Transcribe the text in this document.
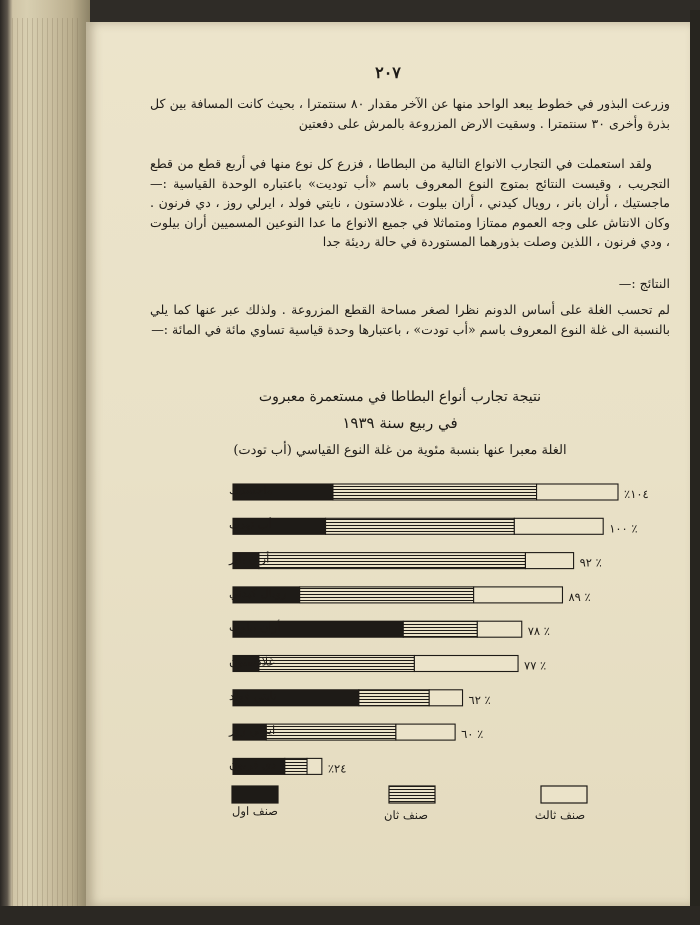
٢٠٧

وزرعت البذور في خطوط يبعد الواحد منها عن الآخر مقدار ٨٠ سنتمترا ، بحيث كانت المسافة بين كل بذرة وأخرى ٣٠ سنتمترا . وسقيت الارض المزروعة بالمرش على دفعتين

ولقد استعملت في التجارب الانواع التالية من البطاطا ، فزرع كل نوع منها في أربع قطع من قطع التجريب ، وقيست النتائج بمتوج النوع المعروف باسم «أب توديت» باعتباره الوحدة القياسية :— ماجستيك ، أران بانر ، رويال كيدني ، أران بيلوت ، غلادستون ، نايتي فولد ، ايرلي روز ، دي فرنون . وكان الانتاش على وجه العموم ممتازا ومتماثلا في جميع الانواع ما عدا النوعين المسميين أران بيلوت ، ودي فرنون ، اللذين وصلت بذورهما المستوردة في حالة رديئة جدا

النتائج :—

لم تحسب الغلة على أساس الدونم نظرا لصغر مساحة القطع المزروعة . ولذلك عبر عنها كما يلي بالنسبة الى غلة النوع المعروف باسم «أب تودت» ، باعتبارها وحدة قياسية تساوي مائة في المائة :—

نتيجة تجارب أنواع البطاطا في مستعمرة معبروت
في ربيع سنة ١٩٣٩
الغلة معبرا عنها بنسبة مئوية من غلة النوع القياسي (أب تودت)
ماجستيك	٪١٠٤
أب تودت	١٠٠ ٪
أران بانر	٩٢ ٪
رويال كيدني	٨٩ ٪
أران بيلوت	٧٨ ٪
غلادستون	٧٧ ٪
نايتي فولد	٦٢ ٪
ايرلي روز	٦٠ ٪
دي فرنون	٪٢٤
صنف اول	صنف ثان	صنف ثالث
